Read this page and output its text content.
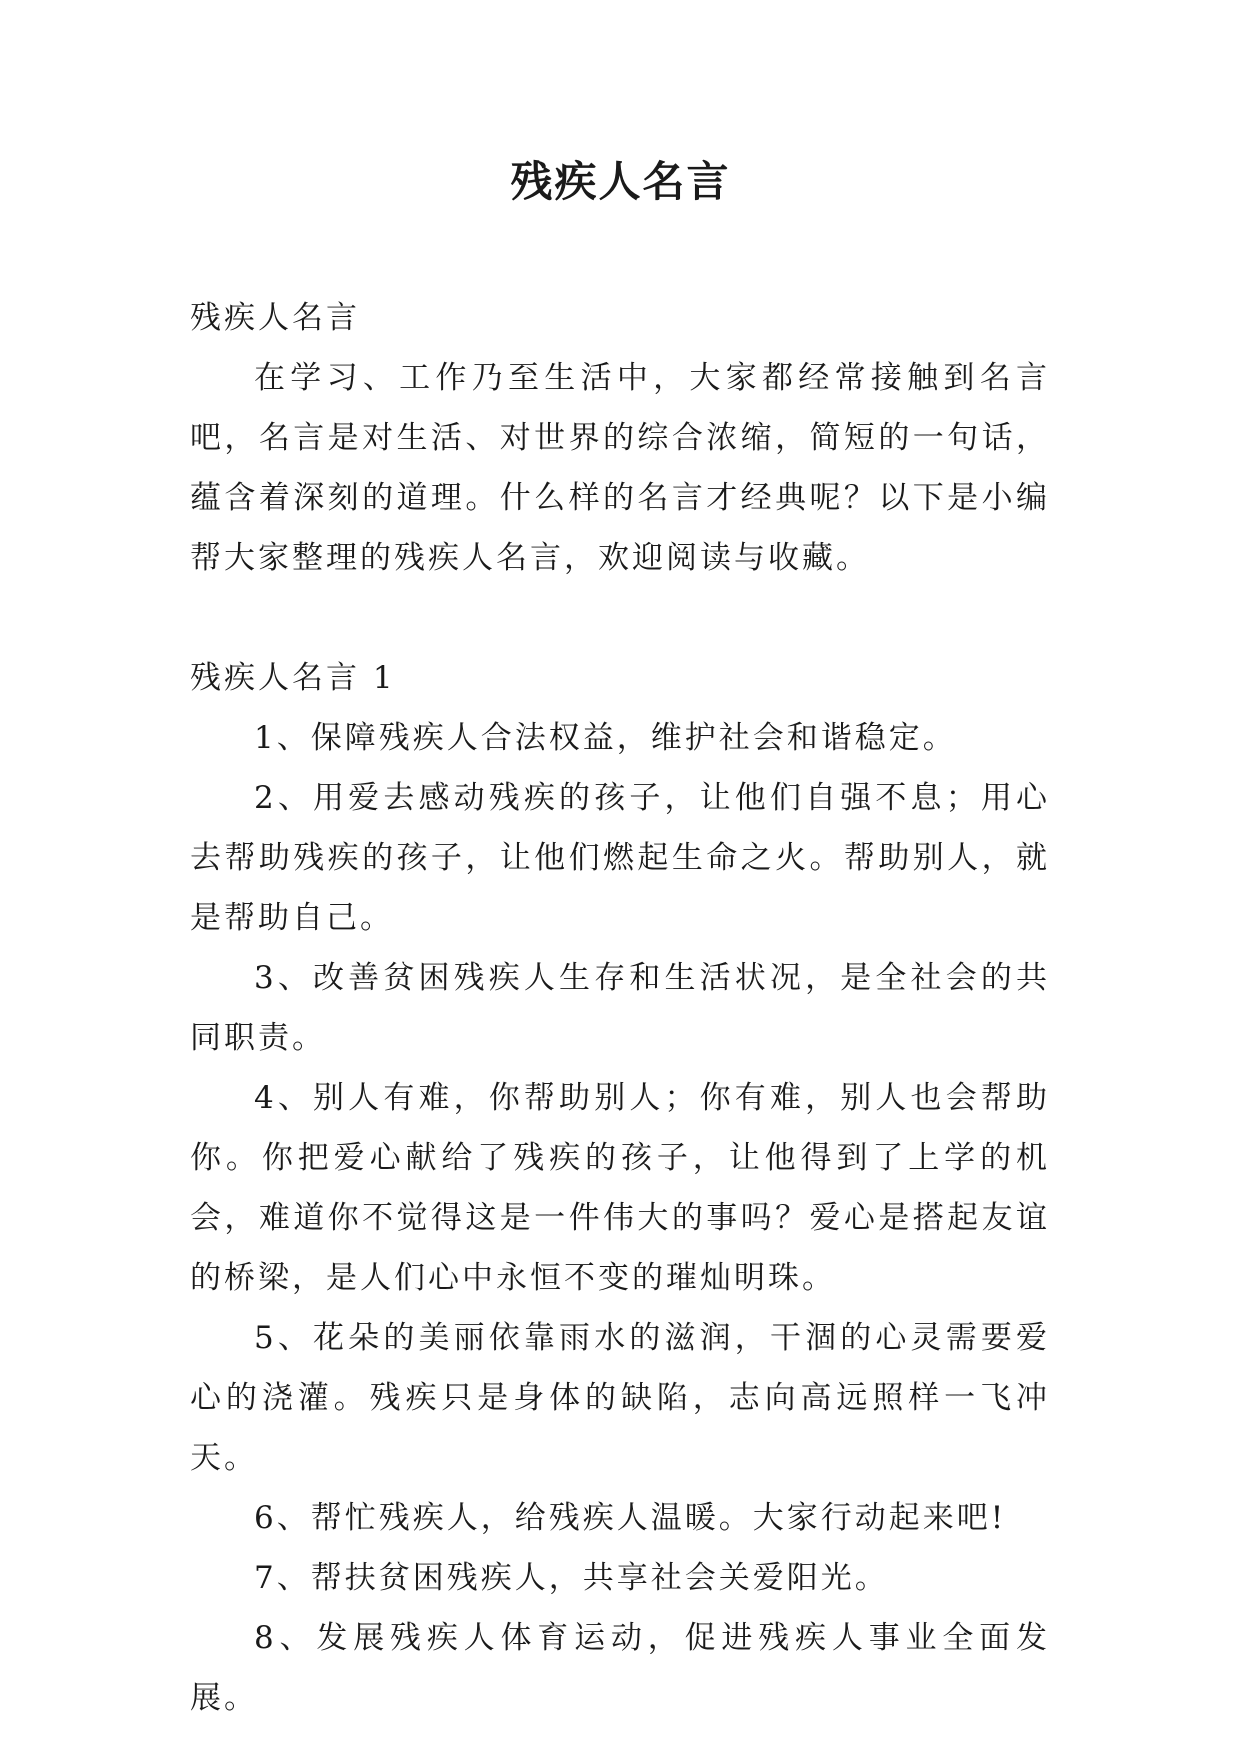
残疾人名言

残疾人名言

在学习、工作乃至生活中，大家都经常接触到名言吧，名言是对生活、对世界的综合浓缩，简短的一句话，蕴含着深刻的道理。什么样的名言才经典呢？以下是小编帮大家整理的残疾人名言，欢迎阅读与收藏。

残疾人名言 1

1、保障残疾人合法权益，维护社会和谐稳定。

2、用爱去感动残疾的孩子，让他们自强不息；用心去帮助残疾的孩子，让他们燃起生命之火。帮助别人，就是帮助自己。

3、改善贫困残疾人生存和生活状况，是全社会的共同职责。

4、别人有难，你帮助别人；你有难，别人也会帮助你。你把爱心献给了残疾的孩子，让他得到了上学的机会，难道你不觉得这是一件伟大的事吗？爱心是搭起友谊的桥梁，是人们心中永恒不变的璀灿明珠。

5、花朵的美丽依靠雨水的滋润，干涸的心灵需要爱心的浇灌。残疾只是身体的缺陷，志向高远照样一飞冲天。

6、帮忙残疾人，给残疾人温暖。大家行动起来吧!

7、帮扶贫困残疾人，共享社会关爱阳光。

8、发展残疾人体育运动，促进残疾人事业全面发展。
